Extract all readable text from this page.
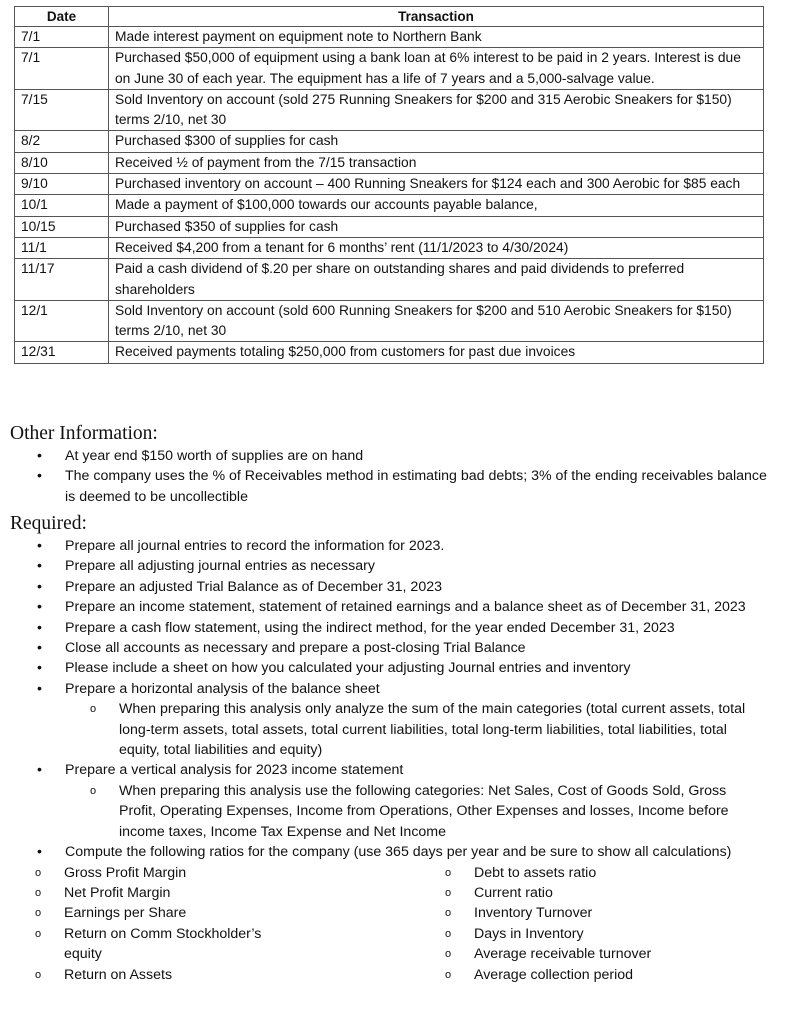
Date	Transaction
7/1	Made interest payment on equipment note to Northern Bank
7/1	Purchased $50,000 of equipment using a bank loan at 6% interest to be paid in 2 years. Interest is due on June 30 of each year. The equipment has a life of 7 years and a 5,000-salvage value.
7/15	Sold Inventory on account (sold 275 Running Sneakers for $200 and 315 Aerobic Sneakers for $150) terms 2/10, net 30
8/2	Purchased $300 of supplies for cash
8/10	Received ½ of payment from the 7/15 transaction
9/10	Purchased inventory on account – 400 Running Sneakers for $124 each and 300 Aerobic for $85 each
10/1	Made a payment of $100,000 towards our accounts payable balance,
10/15	Purchased $350 of supplies for cash
11/1	Received $4,200 from a tenant for 6 months’ rent (11/1/2023 to 4/30/2024)
11/17	Paid a cash dividend of $.20 per share on outstanding shares and paid dividends to preferred shareholders
12/1	Sold Inventory on account (sold 600 Running Sneakers for $200 and 510 Aerobic Sneakers for $150) terms 2/10, net 30
12/31	Received payments totaling $250,000 from customers for past due invoices
Other Information:
• At year end $150 worth of supplies are on hand
• The company uses the % of Receivables method in estimating bad debts; 3% of the ending receivables balance is deemed to be uncollectible
Required:
• Prepare all journal entries to record the information for 2023.
• Prepare all adjusting journal entries as necessary
• Prepare an adjusted Trial Balance as of December 31, 2023
• Prepare an income statement, statement of retained earnings and a balance sheet as of December 31, 2023
• Prepare a cash flow statement, using the indirect method, for the year ended December 31, 2023
• Close all accounts as necessary and prepare a post-closing Trial Balance
• Please include a sheet on how you calculated your adjusting Journal entries and inventory
• Prepare a horizontal analysis of the balance sheet
o When preparing this analysis only analyze the sum of the main categories (total current assets, total long-term assets, total assets, total current liabilities, total long-term liabilities, total liabilities, total equity, total liabilities and equity)
• Prepare a vertical analysis for 2023 income statement
o When preparing this analysis use the following categories: Net Sales, Cost of Goods Sold, Gross Profit, Operating Expenses, Income from Operations, Other Expenses and losses, Income before income taxes, Income Tax Expense and Net Income
• Compute the following ratios for the company (use 365 days per year and be sure to show all calculations)
o Gross Profit Margin
o Net Profit Margin
o Earnings per Share
o Return on Comm Stockholder’s equity
o Return on Assets
o Debt to assets ratio
o Current ratio
o Inventory Turnover
o Days in Inventory
o Average receivable turnover
o Average collection period
